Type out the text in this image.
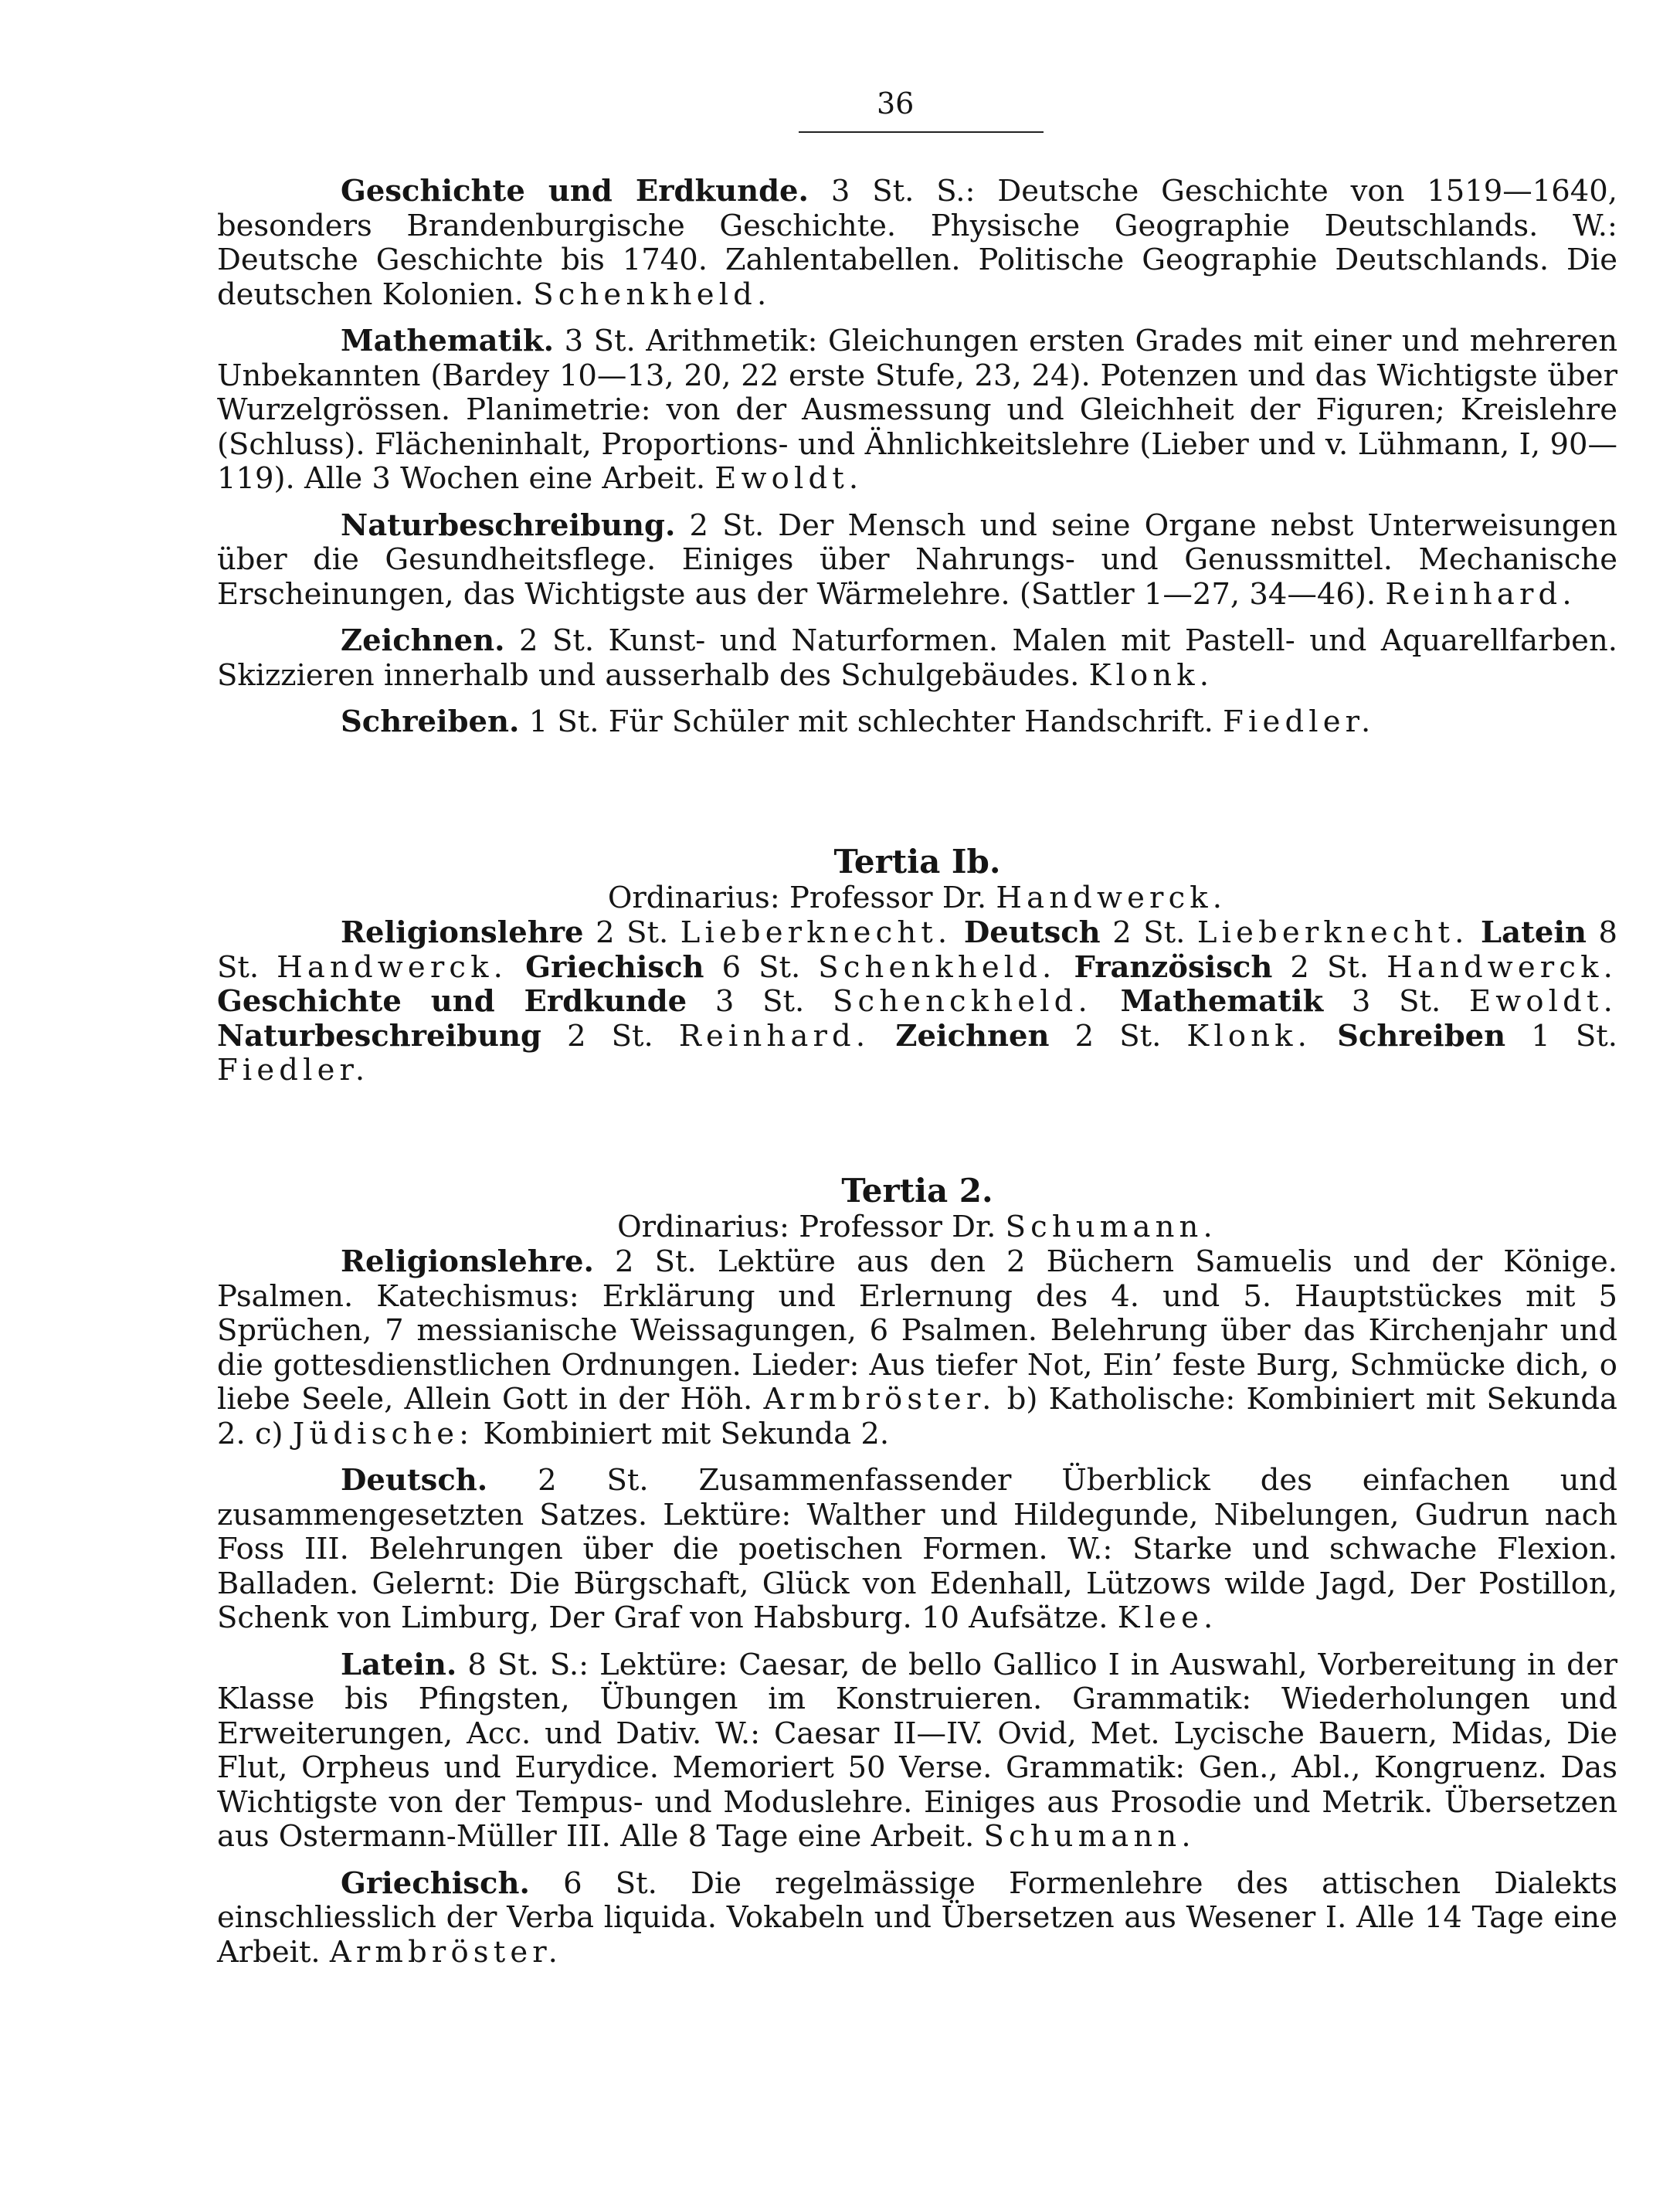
36

Geschichte und Erdkunde. 3 St. S.: Deutsche Geschichte von 1519—1640, besonders Brandenburgische Geschichte. Physische Geographie Deutschlands. W.: Deutsche Geschichte bis 1740. Zahlentabellen. Politische Geographie Deutschlands. Die deutschen Kolonien. Schenkheld.

Mathematik. 3 St. Arithmetik: Gleichungen ersten Grades mit einer und mehreren Unbekannten (Bardey 10—13, 20, 22 erste Stufe, 23, 24). Potenzen und das Wichtigste über Wurzelgrössen. Planimetrie: von der Ausmessung und Gleichheit der Figuren; Kreislehre (Schluss). Flächeninhalt, Proportions- und Ähnlichkeitslehre (Lieber und v. Lühmann, I, 90—119). Alle 3 Wochen eine Arbeit. Ewoldt.

Naturbeschreibung. 2 St. Der Mensch und seine Organe nebst Unterweisungen über die Gesundheitsflege. Einiges über Nahrungs- und Genussmittel. Mechanische Erscheinungen, das Wichtigste aus der Wärmelehre. (Sattler 1—27, 34—46). Reinhard.

Zeichnen. 2 St. Kunst- und Naturformen. Malen mit Pastell- und Aquarellfarben. Skizzieren innerhalb und ausserhalb des Schulgebäudes. Klonk.

Schreiben. 1 St. Für Schüler mit schlechter Handschrift. Fiedler.

Tertia Ib.

Ordinarius: Professor Dr. Handwerck.

Religionslehre 2 St. Lieberknecht. Deutsch 2 St. Lieberknecht. Latein 8 St. Handwerck. Griechisch 6 St. Schenkheld. Französisch 2 St. Handwerck. Geschichte und Erdkunde 3 St. Schenckheld. Mathematik 3 St. Ewoldt. Naturbeschreibung 2 St. Reinhard. Zeichnen 2 St. Klonk. Schreiben 1 St. Fiedler.

Tertia 2.

Ordinarius: Professor Dr. Schumann.

Religionslehre. 2 St. Lektüre aus den 2 Büchern Samuelis und der Könige. Psalmen. Katechismus: Erklärung und Erlernung des 4. und 5. Hauptstückes mit 5 Sprüchen, 7 messianische Weissagungen, 6 Psalmen. Belehrung über das Kirchenjahr und die gottesdienstlichen Ordnungen. Lieder: Aus tiefer Not, Ein’ feste Burg, Schmücke dich, o liebe Seele, Allein Gott in der Höh. Armbröster. b) Katholische: Kombiniert mit Sekunda 2. c) Jüdische: Kombiniert mit Sekunda 2.

Deutsch. 2 St. Zusammenfassender Überblick des einfachen und zusammengesetzten Satzes. Lektüre: Walther und Hildegunde, Nibelungen, Gudrun nach Foss III. Belehrungen über die poetischen Formen. W.: Starke und schwache Flexion. Balladen. Gelernt: Die Bürgschaft, Glück von Edenhall, Lützows wilde Jagd, Der Postillon, Schenk von Limburg, Der Graf von Habsburg. 10 Aufsätze. Klee.

Latein. 8 St. S.: Lektüre: Caesar, de bello Gallico I in Auswahl, Vorbereitung in der Klasse bis Pfingsten, Übungen im Konstruieren. Grammatik: Wiederholungen und Erweiterungen, Acc. und Dativ. W.: Caesar II—IV. Ovid, Met. Lycische Bauern, Midas, Die Flut, Orpheus und Eurydice. Memoriert 50 Verse. Grammatik: Gen., Abl., Kongruenz. Das Wichtigste von der Tempus- und Moduslehre. Einiges aus Prosodie und Metrik. Übersetzen aus Ostermann-Müller III. Alle 8 Tage eine Arbeit. Schumann.

Griechisch. 6 St. Die regelmässige Formenlehre des attischen Dialekts einschliesslich der Verba liquida. Vokabeln und Übersetzen aus Wesener I. Alle 14 Tage eine Arbeit. Armbröster.
